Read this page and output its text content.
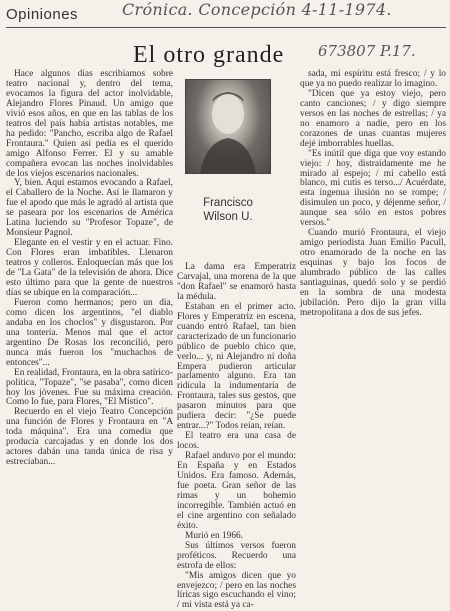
Crónica. Concepción 4-11-1974.
Opiniones
El otro grande 673807 P.17.
Francisco
Wilson U.

Hace algunos días escribíamos sobre teatro nacional y, dentro del tema, evocamos la figura del actor inolvidable, Alejandro Flores Pinaud. Un amigo que vivió esos años, en que en las tablas de los teatros del país había artistas notables, me ha pedido: "Pancho, escriba algo de Rafael Frontaura." Quien así pedía es el querido amigo Alfonso Ferrer. El y su amable compañera evocan las noches inolvidables de los viejos escenarios nacionales.

Y, bien. Aquí estamos evocando a Rafael, el Caballero de la Noche. Así le llamaron y fue el apodo que más le agradó al artista que se paseara por los escenarios de América Latina luciendo su "Profesor Topaze", de Monsieur Pagnol.

Elegante en el vestir y en el actuar. Fino. Con Flores eran imbatibles. Llenaron teatros y colleros. Enloquecían más que los de "La Gata" de la televisión de ahora. Dice esto último para que la gente de nuestros días se ubique en la comparación...

Fueron como hermanos; pero un día, como dicen los argentinos, "el diablo andaba en los choclos" y disgustaron. Por una tontería. Menos mal que el actor argentino De Rosas los reconcilió, pero nunca más fueron los "muchachos de entonces"...

En realidad, Frontaura, en la obra satírico-política, "Topaze", "se pasaba", como dicen hoy los jóvenes. Fue su máxima creación. Como lo fue, para Flores, "El Místico".

Recuerdo en el viejo Teatro Concepción una función de Flores y Frontaura en "A toda máquina". Era una comedia que producía carcajadas y en donde los dos actores dabán una tanda única de risa y estrecíaban...

La dama era Emperatriz Carvajal, una morena de la que "don Rafael" se enamoró hasta la médula.

Estaban en el primer acto. Flores y Emperatriz en escena, cuando entró Rafael, tan bien caracterizado de un funcionario público de pueblo chico que, verlo... y, ni Alejandro ni doña Empera pudieron articular parlamento alguno. Era tan ridícula la indumentaria de Frontaura, tales sus gestos, que pasaron minutos para que pudiera decir: "¿Se puede entrar...?" Todos reían, reían.

El teatro era una casa de locos.

Rafael anduvo por el mundo: En España y en Estados Unidos. Era famoso. Además, fue poeta. Gran señor de las rimas y un bohemio incorregible. También actuó en el cine argentino con señalado éxito.

Murió en 1966.

Sus últimos versos fueron proféticos. Recuerdo una estrofa de ellos:

"Mis amigos dicen que yo envejezco; / pero en las noches líricas sigo escuchando el vino; / mi vista está ya ca-

sada, mi espíritu está fresco; / y lo que ya no puedo realizar lo imagino.

"Dicen que ya estoy viejo, pero canto canciones; / y digo siempre versos en las noches de estrellas; / ya no enamoro a nadie, pero en los corazones de unas cuantas mujeres dejé imborrables huellas.

"Es inútil que diga que voy estando viejo: / hoy, distraídamente me he mirado al espejo; / mi cabello está blanco, mi cutis es terso.../ Acuérdate, esta ingenua ilusión no se rompe; / disimulen un poco, y déjenme señor, / aunque sea sólo en estos pobres versos."

Cuando murió Frontaura, el viejo amigo periodista Juan Emilio Pacull, otro enamorado de la noche en las esquinas y bajo los focos de alumbrado público de las calles santiaguinas, quedó solo y se perdió en la sombra de una modesta jubilación. Pero dijo la gran villa metropolitana a dos de sus jefes.
